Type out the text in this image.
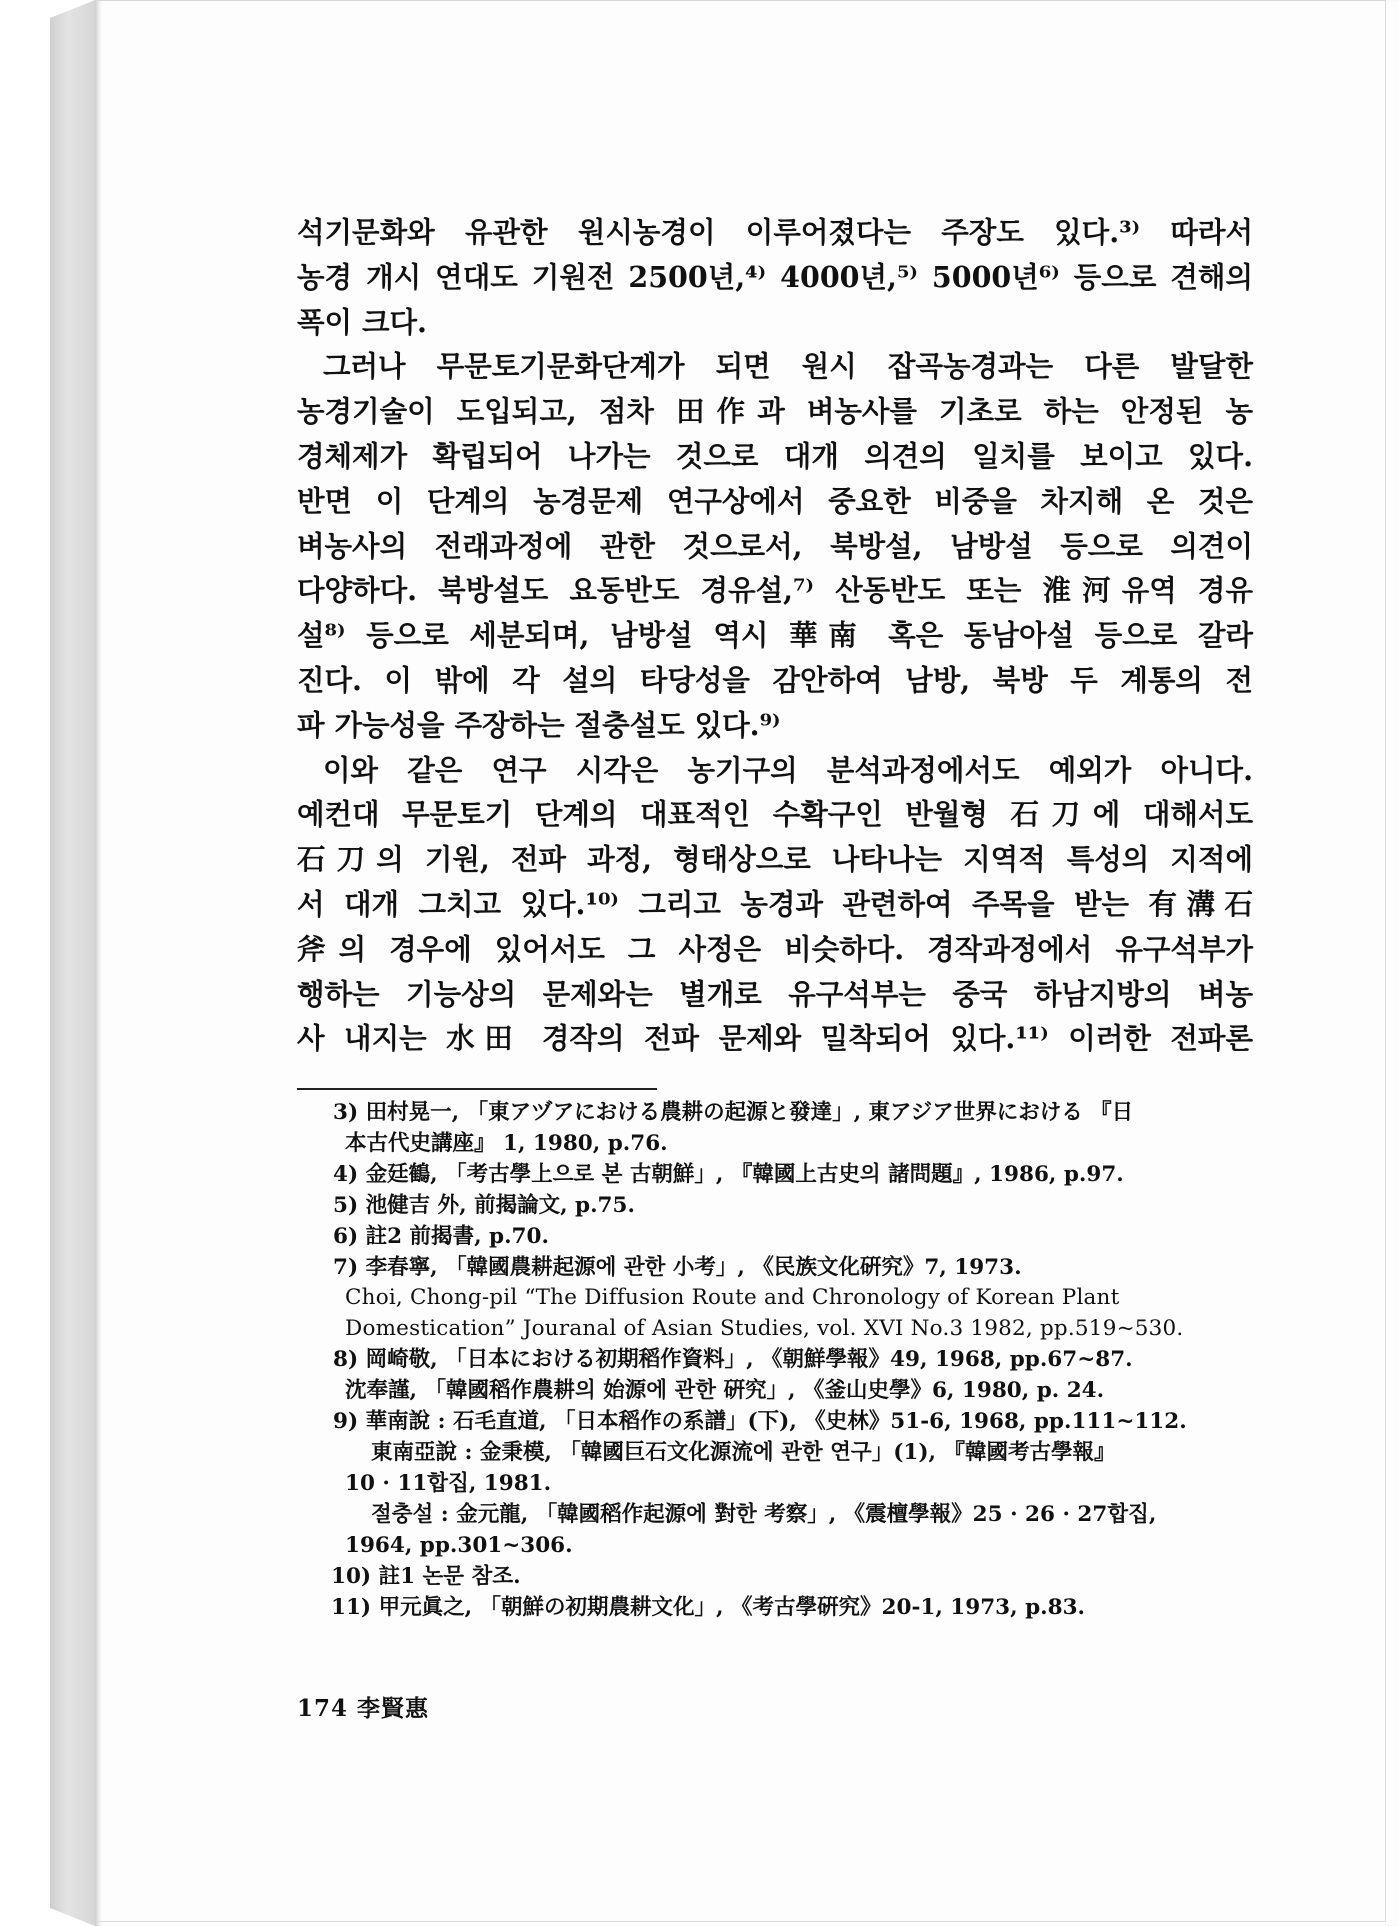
석기문화와 유관한 원시농경이 이루어졌다는 주장도 있다.³⁾ 따라서

농경 개시 연대도 기원전 2500년,⁴⁾ 4000년,⁵⁾ 5000년⁶⁾ 등으로 견해의

폭이 크다.

그러나 무문토기문화단계가 되면 원시 잡곡농경과는 다른 발달한

농경기술이 도입되고, 점차 田作과 벼농사를 기초로 하는 안정된 농

경체제가 확립되어 나가는 것으로 대개 의견의 일치를 보이고 있다.

반면 이 단계의 농경문제 연구상에서 중요한 비중을 차지해 온 것은

벼농사의 전래과정에 관한 것으로서, 북방설, 남방설 등으로 의견이

다양하다. 북방설도 요동반도 경유설,⁷⁾ 산동반도 또는 淮河유역 경유

설⁸⁾ 등으로 세분되며, 남방설 역시 華南 혹은 동남아설 등으로 갈라

진다. 이 밖에 각 설의 타당성을 감안하여 남방, 북방 두 계통의 전

파 가능성을 주장하는 절충설도 있다.⁹⁾

이와 같은 연구 시각은 농기구의 분석과정에서도 예외가 아니다.

예컨대 무문토기 단계의 대표적인 수확구인 반월형 石刀에 대해서도

石刀의 기원, 전파 과정, 형태상으로 나타나는 지역적 특성의 지적에

서 대개 그치고 있다.¹⁰⁾ 그리고 농경과 관련하여 주목을 받는 有溝石

斧의 경우에 있어서도 그 사정은 비슷하다. 경작과정에서 유구석부가

행하는 기능상의 문제와는 별개로 유구석부는 중국 하남지방의 벼농

사 내지는 水田 경작의 전파 문제와 밀착되어 있다.¹¹⁾ 이러한 전파론

3) 田村晃一, 「東アヅアにおける農耕の起源と發達」, 東アジア世界における 『日
本古代史講座』 1, 1980, p.76.
4) 金廷鶴, 「考古學上으로 본 古朝鮮」, 『韓國上古史의 諸問題』, 1986, p.97.
5) 池健吉 外, 前揭論文, p.75.
6) 註2 前揭書, p.70.
7) 李春寧, 「韓國農耕起源에 관한 小考」, 《民族文化硏究》7, 1973.
Choi, Chong-pil “The Diffusion Route and Chronology of Korean Plant
Domestication” Jouranal of Asian Studies, vol. XVI No.3 1982, pp.519~530.
8) 岡崎敬, 「日本における初期稻作資料」, 《朝鮮學報》49, 1968, pp.67~87.
沈奉謹, 「韓國稻作農耕의 始源에 관한 硏究」, 《釜山史學》6, 1980, p. 24.
9) 華南說 : 石毛直道, 「日本稻作の系譜」(下), 《史林》51-6, 1968, pp.111~112.
東南亞說 : 金秉模, 「韓國巨石文化源流에 관한 연구」(1), 『韓國考古學報』
10 · 11합집, 1981.
절충설 : 金元龍, 「韓國稻作起源에 對한 考察」, 《震檀學報》25 · 26 · 27합집,
1964, pp.301~306.
10) 註1 논문 참조.
11) 甲元眞之, 「朝鮮の初期農耕文化」, 《考古學硏究》20-1, 1973, p.83.
174 李賢惠
